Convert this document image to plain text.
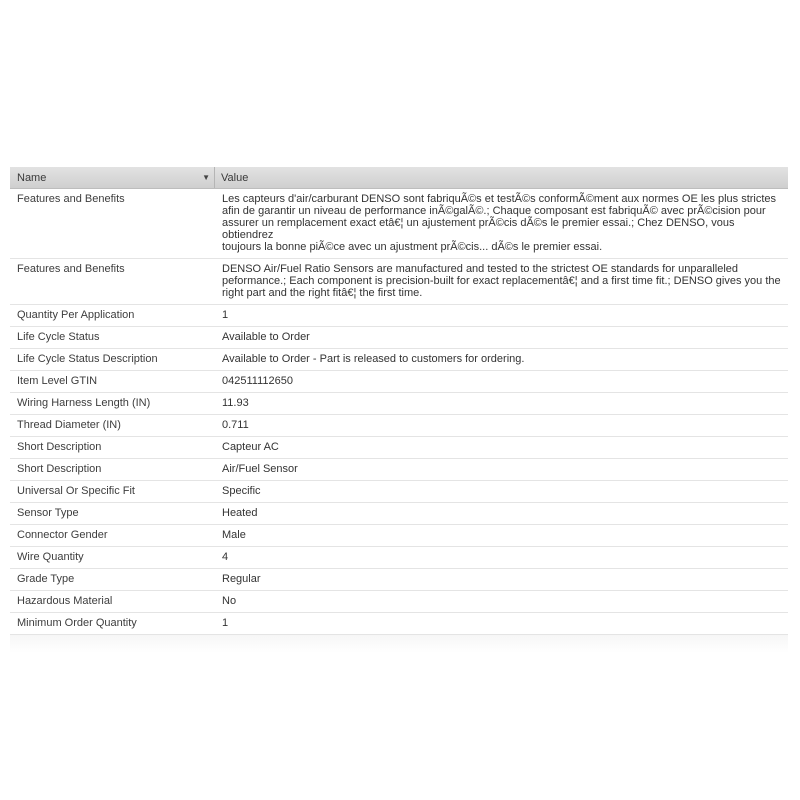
Name	▼ Value
Features and Benefits	Les capteurs d'air/carburant DENSO sont fabriquÃ©s et testÃ©s conformÃ©ment aux normes OE les plus strictes
afin de garantir un niveau de performance inÃ©galÃ©.; Chaque composant est fabriquÃ© avec prÃ©cision pour
assurer un remplacement exact etâ€¦ un ajustement prÃ©cis dÃ©s le premier essai.; Chez DENSO, vous obtiendrez
toujours la bonne piÃ©ce avec un ajustment prÃ©cis... dÃ©s le premier essai.
Features and Benefits	DENSO Air/Fuel Ratio Sensors are manufactured and tested to the strictest OE standards for unparalleled
peformance.; Each component is precision-built for exact replacementâ€¦ and a first time fit.; DENSO gives you the
right part and the right fitâ€¦ the first time.
Quantity Per Application	1
Life Cycle Status	Available to Order
Life Cycle Status Description	Available to Order - Part is released to customers for ordering.
Item Level GTIN	042511112650
Wiring Harness Length (IN)	11.93
Thread Diameter (IN)	0.711
Short Description	Capteur AC
Short Description	Air/Fuel Sensor
Universal Or Specific Fit	Specific
Sensor Type	Heated
Connector Gender	Male
Wire Quantity	4
Grade Type	Regular
Hazardous Material	No
Minimum Order Quantity	1
